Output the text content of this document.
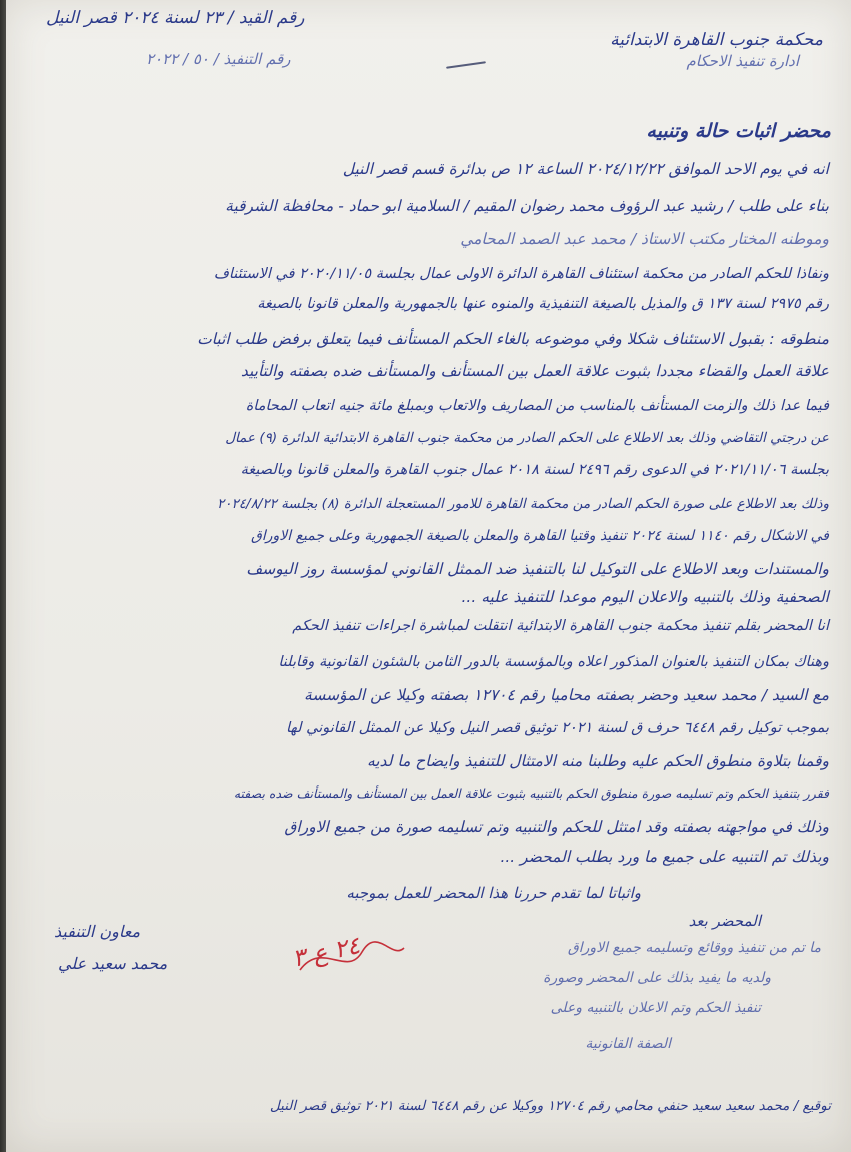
محكمة جنوب القاهرة الابتدائية
ادارة تنفيذ الاحكام
رقم القيد / ٢٣ لسنة ٢٠٢٤ قصر النيل
رقم التنفيذ / ٥٠ / ٢٠٢٢
محضر اثبات حالة وتنبيه
انه في يوم الاحد الموافق ٢٠٢٤/١٢/٢٢ الساعة ١٢ ص بدائرة قسم قصر النيل
بناء على طلب / رشيد عبد الرؤوف محمد رضوان المقيم / السلامية ابو حماد - محافظة الشرقية
وموطنه المختار مكتب الاستاذ / محمد عبد الصمد المحامي
ونفاذا للحكم الصادر من محكمة استئناف القاهرة الدائرة الاولى عمال بجلسة ٢٠٢٠/١١/٠٥ في الاستئناف
رقم ٢٩٧٥ لسنة ١٣٧ ق والمذيل بالصيغة التنفيذية والمنوه عنها بالجمهورية والمعلن قانونا بالصيغة
منطوقه : بقبول الاستئناف شكلا وفي موضوعه بالغاء الحكم المستأنف فيما يتعلق برفض طلب اثبات
علاقة العمل والقضاء مجددا بثبوت علاقة العمل بين المستأنف والمستأنف ضده بصفته والتأييد
فيما عدا ذلك والزمت المستأنف بالمناسب من المصاريف والاتعاب وبمبلغ مائة جنيه اتعاب المحاماة
عن درجتي التقاضي وذلك بعد الاطلاع على الحكم الصادر من محكمة جنوب القاهرة الابتدائية الدائرة (٩) عمال
بجلسة ٢٠٢١/١١/٠٦ في الدعوى رقم ٢٤٩٦ لسنة ٢٠١٨ عمال جنوب القاهرة والمعلن قانونا وبالصيغة
وذلك بعد الاطلاع على صورة الحكم الصادر من محكمة القاهرة للامور المستعجلة الدائرة (٨) بجلسة ٢٠٢٤/٨/٢٢
في الاشكال رقم ١١٤٠ لسنة ٢٠٢٤ تنفيذ وقتيا القاهرة والمعلن بالصيغة الجمهورية وعلى جميع الاوراق
والمستندات وبعد الاطلاع على التوكيل لنا بالتنفيذ ضد الممثل القانوني لمؤسسة روز اليوسف
الصحفية وذلك بالتنبيه والاعلان اليوم موعدا للتنفيذ عليه ...
انا المحضر بقلم تنفيذ محكمة جنوب القاهرة الابتدائية انتقلت لمباشرة اجراءات تنفيذ الحكم
وهناك بمكان التنفيذ بالعنوان المذكور اعلاه وبالمؤسسة بالدور الثامن بالشئون القانونية وقابلنا
مع السيد / محمد سعيد وحضر بصفته محاميا رقم ١٢٧٠٤ بصفته وكيلا عن المؤسسة
بموجب توكيل رقم ٦٤٤٨ حرف ق لسنة ٢٠٢١ توثيق قصر النيل وكيلا عن الممثل القانوني لها
وقمنا بتلاوة منطوق الحكم عليه وطلبنا منه الامتثال للتنفيذ وايضاح ما لديه
فقرر بتنفيذ الحكم وتم تسليمه صورة منطوق الحكم بالتنبيه بثبوت علاقة العمل بين المستأنف والمستأنف ضده بصفته
وذلك في مواجهته بصفته وقد امتثل للحكم والتنبيه وتم تسليمه صورة من جميع الاوراق
وبذلك تم التنبيه على جميع ما ورد بطلب المحضر ...
واثباتا لما تقدم حررنا هذا المحضر للعمل بموجبه
المحضر بعد
ما تم من تنفيذ ووقائع وتسليمه جميع الاوراق
ولديه ما يفيد بذلك على المحضر وصورة
تنفيذ الحكم وتم الاعلان بالتنبيه وعلى
الصفة القانونية
معاون التنفيذ
محمد سعيد علي	٢٤ ع ٣
توقيع / محمد سعيد سعيد حنفي محامي رقم ١٢٧٠٤ ووكيلا عن رقم ٦٤٤٨ لسنة ٢٠٢١ توثيق قصر النيل
